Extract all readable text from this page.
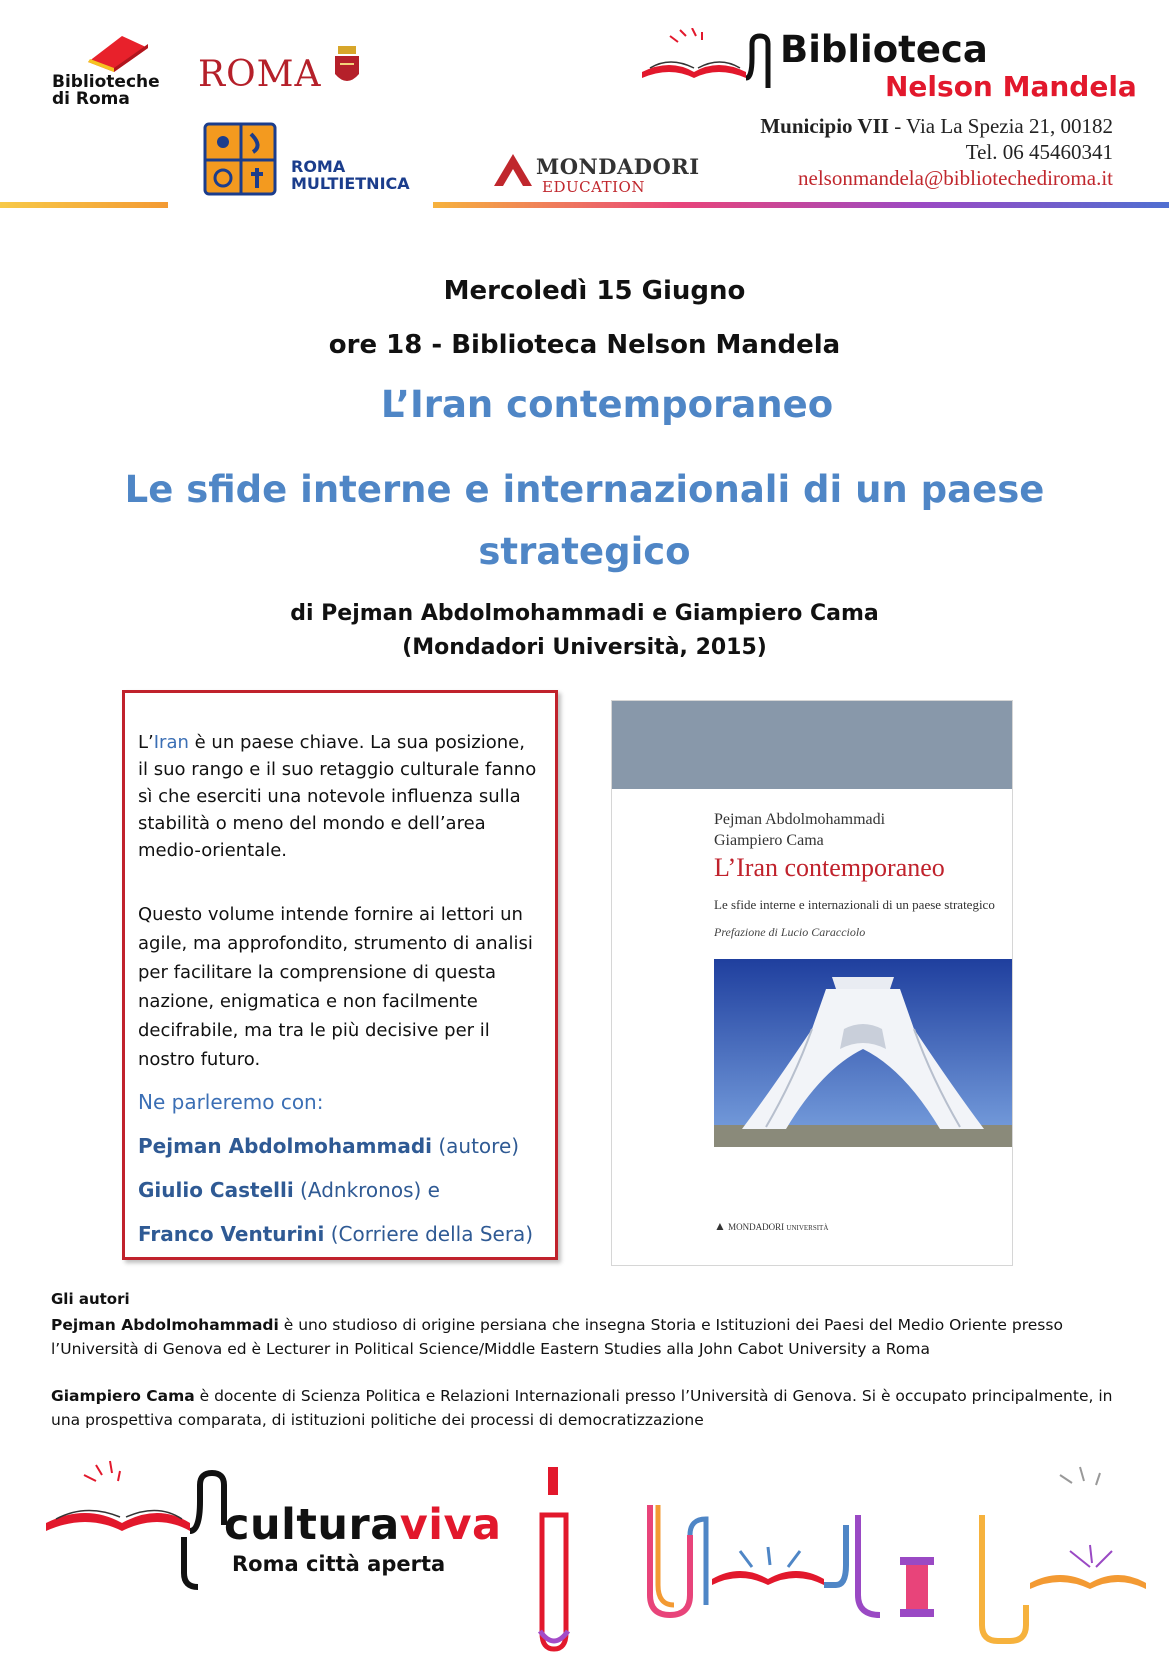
Biblioteche di Roma
ROMA
ROMA MULTIETNICA
MONDADORI
EDUCATION
Biblioteca
Nelson Mandela
Municipio VII - Via La Spezia 21, 00182
Tel. 06 45460341
nelsonmandela@bibliotechediroma.it
Mercoledì 15 Giugno
ore 18 - Biblioteca Nelson Mandela
L’Iran contemporaneo
Le sfide interne e internazionali di un paese strategico
di Pejman Abdolmohammadi e Giampiero Cama
(Mondadori Università, 2015)
L’Iran è un paese chiave. La sua posizione, il suo rango e il suo retaggio culturale fanno sì che eserciti una notevole influenza sulla stabilità o meno del mondo e dell’area medio-orientale.
Questo volume intende fornire ai lettori un agile, ma approfondito, strumento di analisi per facilitare la comprensione di questa nazione, enigmatica e non facilmente decifrabile, ma tra le più decisive per il nostro futuro.
Ne parleremo con:
Pejman Abdolmohammadi (autore)
Giulio Castelli (Adnkronos) e
Franco Venturini (Corriere della Sera)
Pejman Abdolmohammadi
Giampiero Cama
L’Iran contemporaneo
Le sfide interne e internazionali di un paese strategico
Prefazione di Lucio Caracciolo
▲ MONDADORI UNIVERSITÀ
Gli autori
Pejman Abdolmohammadi è uno studioso di origine persiana che insegna Storia e Istituzioni dei Paesi del Medio Oriente presso l’Università di Genova ed è Lecturer in Political Science/Middle Eastern Studies alla John Cabot University a Roma
Giampiero Cama è docente di Scienza Politica e Relazioni Internazionali presso l’Università di Genova. Si è occupato principalmente, in una prospettiva comparata, di istituzioni politiche dei processi di democratizzazione
culturaviva
Roma città aperta
